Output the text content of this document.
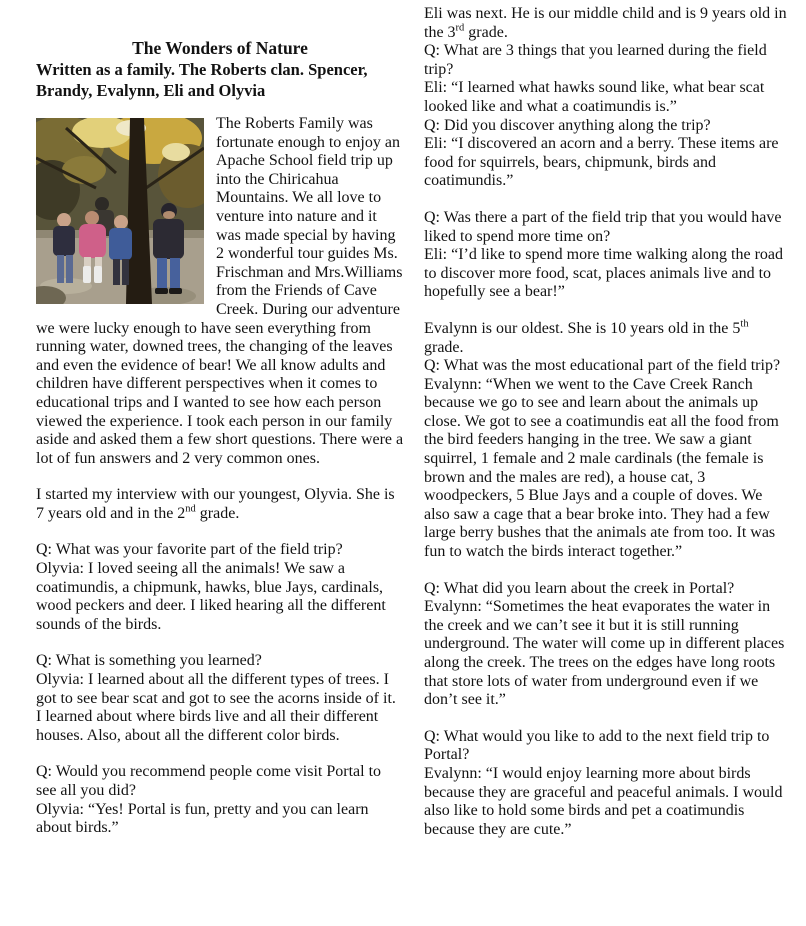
The Wonders of Nature

Written as a family. The Roberts clan. Spencer, Brandy, Evalynn, Eli and Olyvia

The Roberts Family was fortunate enough to enjoy an Apache School field trip up into the Chiricahua Mountains. We all love to venture into nature and it was made special by having 2 wonderful tour guides Ms. Frischman and Mrs.Williams from the Friends of Cave Creek. During our adventure we were lucky enough to have seen everything from running water, downed trees, the changing of the leaves and even the evidence of bear! We all know adults and children have different perspectives when it comes to educational trips and I wanted to see how each person viewed the experience. I took each person in our family aside and asked them a few short questions. There were a lot of fun answers and 2 very common ones.

I started my interview with our youngest, Olyvia. She is 7 years old and in the 2nd grade.

Q: What was your favorite part of the field trip?

Olyvia: I loved seeing all the animals! We saw a coatimundis, a chipmunk, hawks, blue Jays, cardinals, wood peckers and deer. I liked hearing all the different sounds of the birds.

Q: What is something you learned?

Olyvia: I learned about all the different types of trees. I got to see bear scat and got to see the acorns inside of it. I learned about where birds live and all their different houses. Also, about all the different color birds.

Q: Would you recommend people come visit Portal to see all you did?

Olyvia: “Yes! Portal is fun, pretty and you can learn about birds.”

Eli was next. He is our middle child and is 9 years old in the 3rd grade.

Q: What are 3 things that you learned during the field trip?

Eli: “I learned what hawks sound like, what bear scat looked like and what a coatimundis is.”

Q: Did you discover anything along the trip?

Eli: “I discovered an acorn and a berry. These items are food for squirrels, bears, chipmunk, birds and coatimundis.”

Q: Was there a part of the field trip that you would have liked to spend more time on?

Eli: “I’d like to spend more time walking along the road to discover more food, scat, places animals live and to hopefully see a bear!”

Evalynn is our oldest. She is 10 years old in the 5th grade.

Q: What was the most educational part of the field trip?

Evalynn: “When we went to the Cave Creek Ranch because we go to see and learn about the animals up close. We got to see a coatimundis eat all the food from the bird feeders hanging in the tree. We saw a giant squirrel, 1 female and 2 male cardinals (the female is brown and the males are red), a house cat, 3 woodpeckers, 5 Blue Jays and a couple of doves. We also saw a cage that a bear broke into. They had a few large berry bushes that the animals ate from too. It was fun to watch the birds interact together.”

Q: What did you learn about the creek in Portal?

Evalynn: “Sometimes the heat evaporates the water in the creek and we can’t see it but it is still running underground. The water will come up in different places along the creek. The trees on the edges have long roots that store lots of water from underground even if we don’t see it.”

Q: What would you like to add to the next field trip to Portal?

Evalynn: “I would enjoy learning more about birds because they are graceful and peaceful animals. I would also like to hold some birds and pet a coatimundis because they are cute.”
